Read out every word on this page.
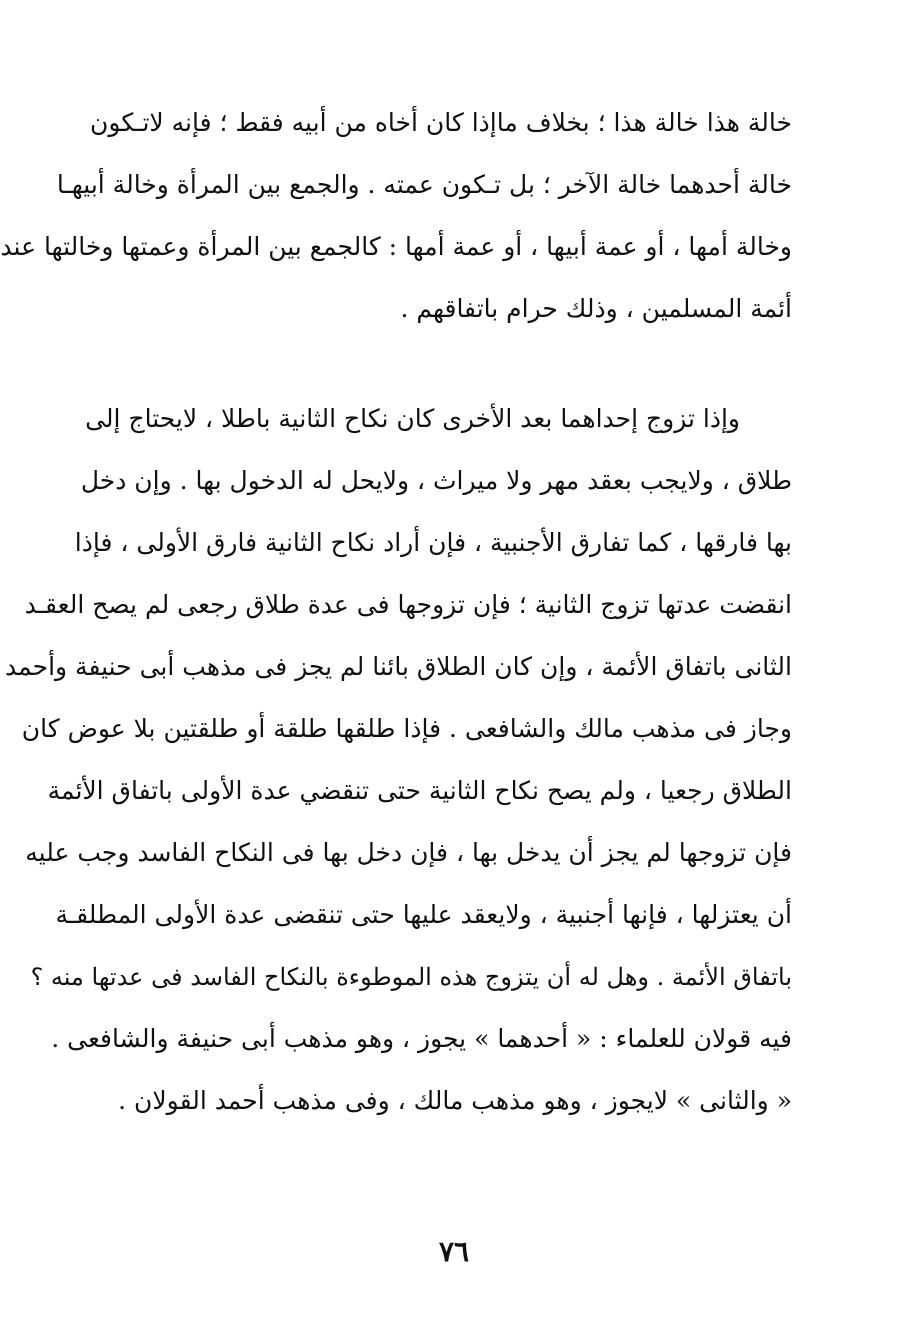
خالة هذا خالة هذا ؛ بخلاف ماإذا كان أخاه من أبيه فقط ؛ فإنه لاتـكون
خالة أحدهما خالة الآخر ؛ بل تـكون عمته . والجمع بين المرأة وخالة أبيهـا
وخالة أمها ، أو عمة أبيها ، أو عمة أمها : كالجمع بين المرأة وعمتها وخالتها عند
أئمة المسلمين ، وذلك حرام باتفاقهم .
وإذا تزوج إحداهما بعد الأخرى كان نكاح الثانية باطلا ، لايحتاج إلى
طلاق ، ولايجب بعقد مهر ولا ميراث ، ولايحل له الدخول بها . وإن دخل
بها فارقها ، كما تفارق الأجنبية ، فإن أراد نكاح الثانية فارق الأولى ، فإذا
انقضت عدتها تزوج الثانية ؛ فإن تزوجها فى عدة طلاق رجعى لم يصح العقـد
الثانى باتفاق الأئمة ، وإن كان الطلاق بائنا لم يجز فى مذهب أبى حنيفة وأحمد
وجاز فى مذهب مالك والشافعى . فإذا طلقها طلقة أو طلقتين بلا عوض كان
الطلاق رجعيا ، ولم يصح نكاح الثانية حتى تنقضي عدة الأولى باتفاق الأئمة
فإن تزوجها لم يجز أن يدخل بها ، فإن دخل بها فى النكاح الفاسد وجب عليه
أن يعتزلها ، فإنها أجنبية ، ولايعقد عليها حتى تنقضى عدة الأولى المطلقـة
باتفاق الأئمة . وهل له أن يتزوج هذه الموطوءة بالنكاح الفاسد فى عدتها منه ؟
فيه قولان للعلماء : « أحدهما » يجوز ، وهو مذهب أبى حنيفة والشافعى .
« والثانى » لايجوز ، وهو مذهب مالك ، وفى مذهب أحمد القولان .
٧٦
